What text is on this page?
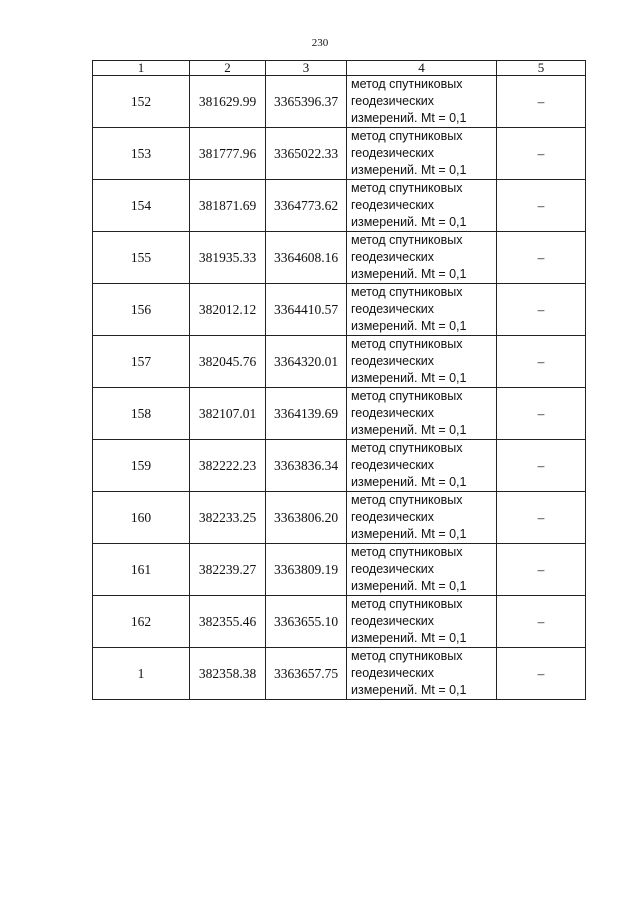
230
1	2	3	4	5
152	381629.99	3365396.37	метод спутниковых
геодезических
измерений. Mt = 0,1	–
153	381777.96	3365022.33	метод спутниковых
геодезических
измерений. Mt = 0,1	–
154	381871.69	3364773.62	метод спутниковых
геодезических
измерений. Mt = 0,1	–
155	381935.33	3364608.16	метод спутниковых
геодезических
измерений. Mt = 0,1	–
156	382012.12	3364410.57	метод спутниковых
геодезических
измерений. Mt = 0,1	–
157	382045.76	3364320.01	метод спутниковых
геодезических
измерений. Mt = 0,1	–
158	382107.01	3364139.69	метод спутниковых
геодезических
измерений. Mt = 0,1	–
159	382222.23	3363836.34	метод спутниковых
геодезических
измерений. Mt = 0,1	–
160	382233.25	3363806.20	метод спутниковых
геодезических
измерений. Mt = 0,1	–
161	382239.27	3363809.19	метод спутниковых
геодезических
измерений. Mt = 0,1	–
162	382355.46	3363655.10	метод спутниковых
геодезических
измерений. Mt = 0,1	–
1	382358.38	3363657.75	метод спутниковых
геодезических
измерений. Mt = 0,1	–
